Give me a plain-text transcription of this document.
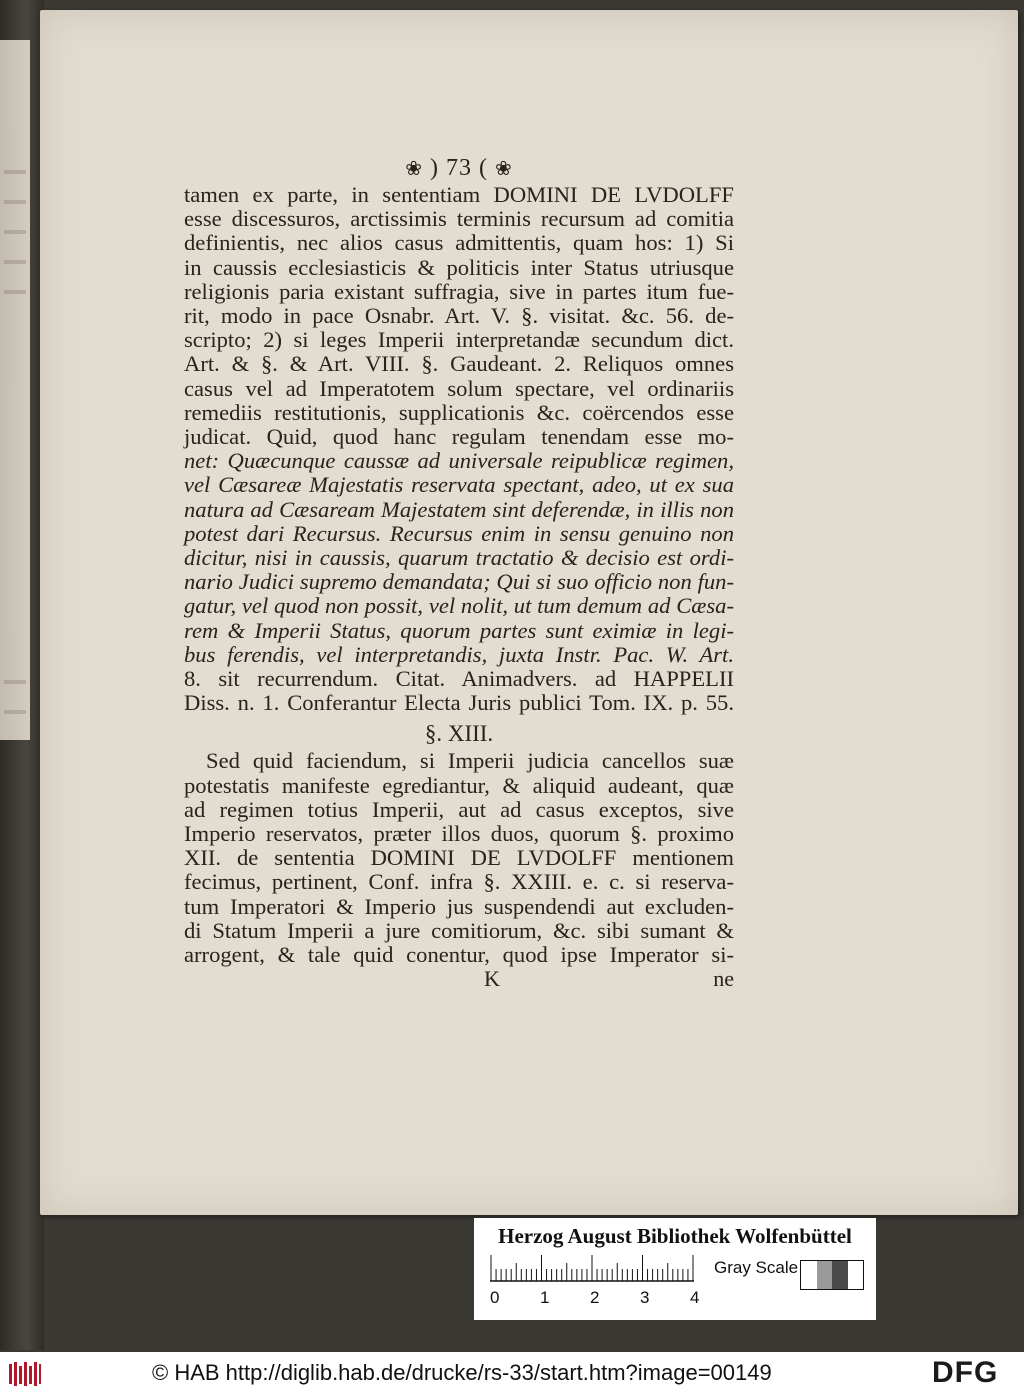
❀ ) 73 ( ❀
tamen ex parte, in sententiam DOMINI DE LVDOLFF
esse discessuros, arctissimis terminis recursum ad comitia
definientis, nec alios casus admittentis, quam hos: 1) Si
in caussis ecclesiasticis & politicis inter Status utriusque
religionis paria existant suffragia, sive in partes itum fue-
rit, modo in pace Osnabr. Art. V. §. visitat. &c. 56. de-
scripto; 2) si leges Imperii interpretandæ secundum dict.
Art. & §. & Art. VIII. §. Gaudeant. 2. Reliquos omnes
casus vel ad Imperatotem solum spectare, vel ordinariis
remediis restitutionis, supplicationis &c. coërcendos esse
judicat. Quid, quod hanc regulam tenendam esse mo-
net: Quæcunque caussæ ad universale reipublicæ regimen,
vel Cæsareæ Majestatis reservata spectant, adeo, ut ex sua
natura ad Cæsaream Majestatem sint deferendæ, in illis non
potest dari Recursus. Recursus enim in sensu genuino non
dicitur, nisi in caussis, quarum tractatio & decisio est ordi-
nario Judici supremo demandata; Qui si suo officio non fun-
gatur, vel quod non possit, vel nolit, ut tum demum ad Cæsa-
rem & Imperii Status, quorum partes sunt eximiæ in legi-
bus ferendis, vel interpretandis, juxta Instr. Pac. W. Art.
8. sit recurrendum. Citat. Animadvers. ad HAPPELII
Diss. n. 1. Conferantur Electa Juris publici Tom. IX. p. 55.
§. XIII.
Sed quid faciendum, si Imperii judicia cancellos suæ
potestatis manifeste egrediantur, & aliquid audeant, quæ
ad regimen totius Imperii, aut ad casus exceptos, sive
Imperio reservatos, præter illos duos, quorum §. proximo
XII. de sententia DOMINI DE LVDOLFF mentionem
fecimus, pertinent, Conf. infra §. XXIII. e. c. si reserva-
tum Imperatori & Imperio jus suspendendi aut excluden-
di Statum Imperii a jure comitiorum, &c. sibi sumant &
arrogent, & tale quid conentur, quod ipse Imperator si-
K	ne
Herzog August Bibliothek Wolfenbüttel
0 1 2 3 4
Gray Scale
© HAB http://diglib.hab.de/drucke/rs-33/start.htm?image=00149	DFG
